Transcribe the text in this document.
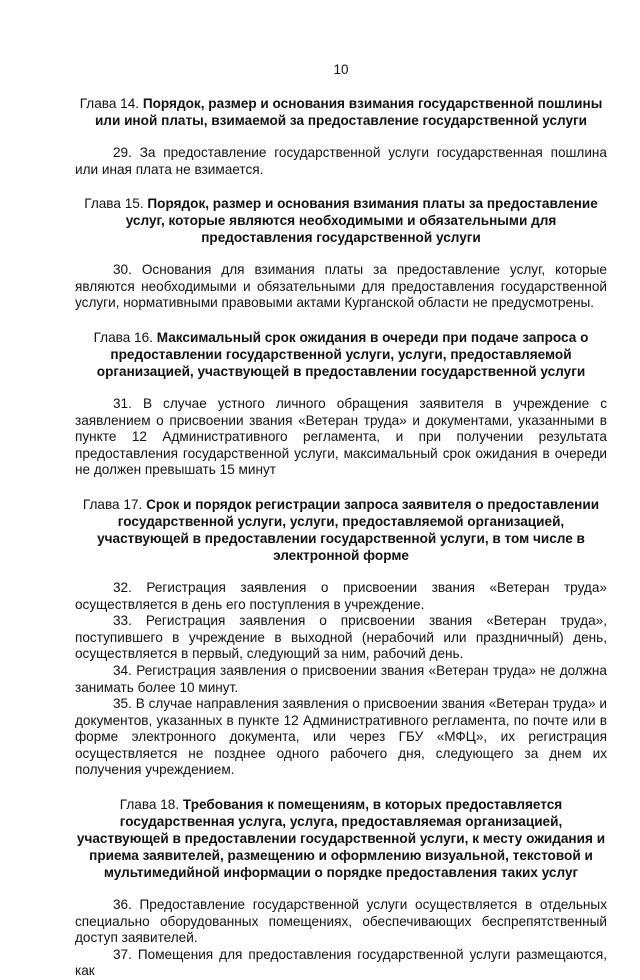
10
Глава 14. Порядок, размер и основания взимания государственной пошлины или иной платы, взимаемой за предоставление государственной услуги

29. За предоставление государственной услуги государственная пошлина или иная плата не взимается.

Глава 15. Порядок, размер и основания взимания платы за предоставление услуг, которые являются необходимыми и обязательными для предоставления государственной услуги

30. Основания для взимания платы за предоставление услуг, которые являются необходимыми и обязательными для предоставления государственной услуги, нормативными правовыми актами Курганской области не предусмотрены.

Глава 16. Максимальный срок ожидания в очереди при подаче запроса о предоставлении государственной услуги, услуги, предоставляемой организацией, участвующей в предоставлении государственной услуги

31. В случае устного личного обращения заявителя в учреждение с заявлением о присвоении звания «Ветеран труда» и документами, указанными в пункте 12 Административного регламента, и при получении результата предоставления государственной услуги, максимальный срок ожидания в очереди не должен превышать 15 минут

Глава 17. Срок и порядок регистрации запроса заявителя о предоставлении государственной услуги, услуги, предоставляемой организацией, участвующей в предоставлении государственной услуги, в том числе в электронной форме

32. Регистрация заявления о присвоении звания «Ветеран труда» осуществляется в день его поступления в учреждение.

33. Регистрация заявления о присвоении звания «Ветеран труда», поступившего в учреждение в выходной (нерабочий или праздничный) день, осуществляется в первый, следующий за ним, рабочий день.

34. Регистрация заявления о присвоении звания «Ветеран труда» не должна занимать более 10 минут.

35. В случае направления заявления о присвоении звания «Ветеран труда» и документов, указанных в пункте 12 Административного регламента, по почте или в форме электронного документа, или через ГБУ «МФЦ», их регистрация осуществляется не позднее одного рабочего дня, следующего за днем их получения учреждением.

Глава 18. Требования к помещениям, в которых предоставляется государственная услуга, услуга, предоставляемая организацией, участвующей в предоставлении государственной услуги, к месту ожидания и приема заявителей, размещению и оформлению визуальной, текстовой и мультимедийной информации о порядке предоставления таких услуг

36. Предоставление государственной услуги осуществляется в отдельных специально оборудованных помещениях, обеспечивающих беспрепятственный доступ заявителей.

37. Помещения для предоставления государственной услуги размещаются, как
